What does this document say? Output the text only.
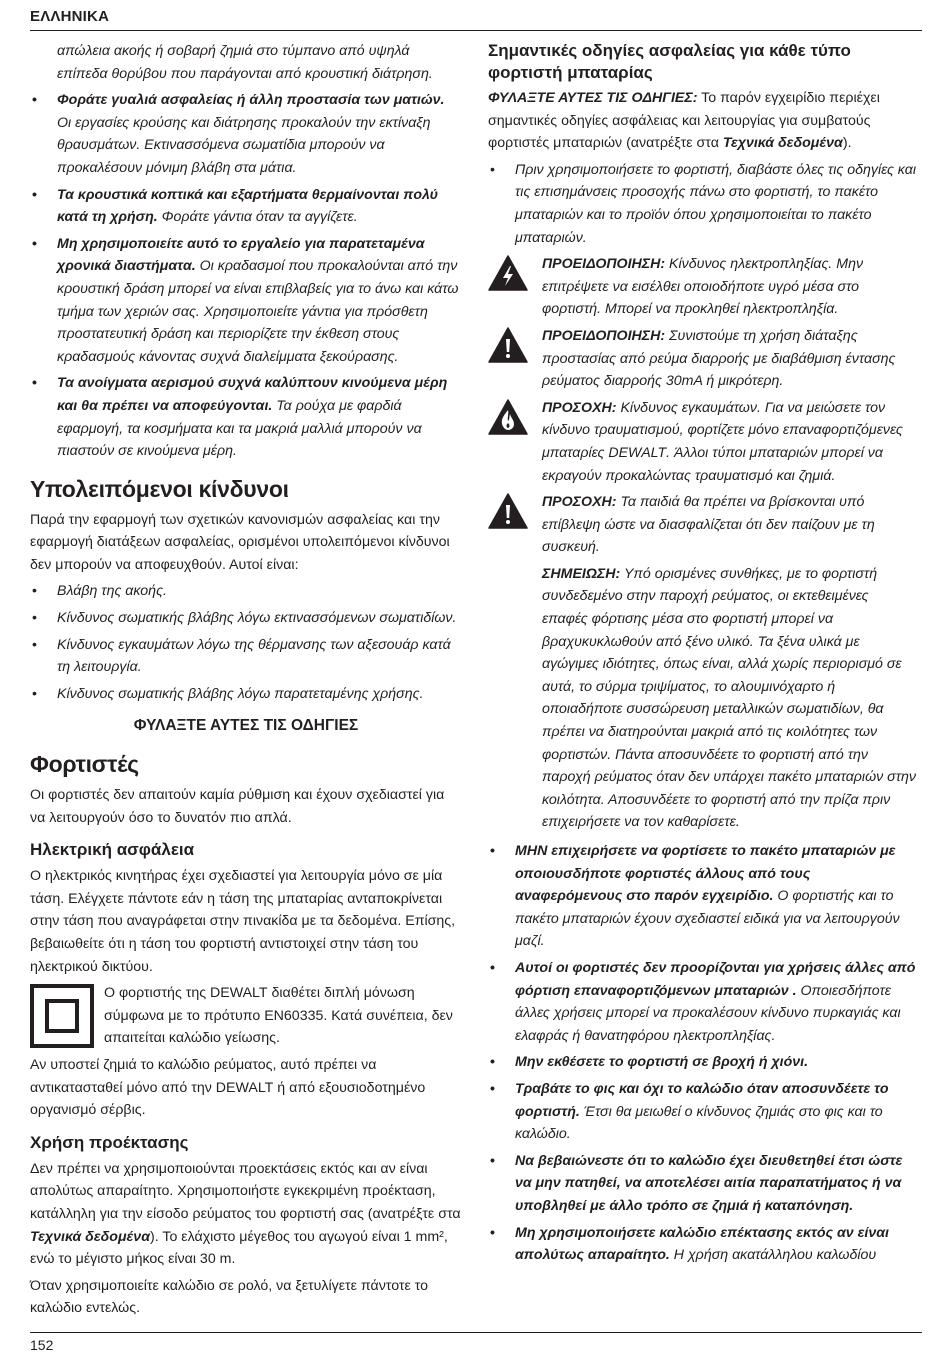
ΕΛΛΗΝΙΚΑ

απώλεια ακοής ή σοβαρή ζημιά στο τύμπανο από υψηλά επίπεδα θορύβου που παράγονται από κρουστική διάτρηση.

• Φοράτε γυαλιά ασφαλείας ή άλλη προστασία των ματιών. Οι εργασίες κρούσης και διάτρησης προκαλούν την εκτίναξη θραυσμάτων. Εκτινασσόμενα σωματίδια μπορούν να προκαλέσουν μόνιμη βλάβη στα μάτια.
• Τα κρουστικά κοπτικά και εξαρτήματα θερμαίνονται πολύ κατά τη χρήση. Φοράτε γάντια όταν τα αγγίζετε.
• Μη χρησιμοποιείτε αυτό το εργαλείο για παρατεταμένα χρονικά διαστήματα. Οι κραδασμοί που προκαλούνται από την κρουστική δράση μπορεί να είναι επιβλαβείς για το άνω και κάτω τμήμα των χεριών σας. Χρησιμοποιείτε γάντια για πρόσθετη προστατευτική δράση και περιορίζετε την έκθεση στους κραδασμούς κάνοντας συχνά διαλείμματα ξεκούρασης.
• Τα ανοίγματα αερισμού συχνά καλύπτουν κινούμενα μέρη και θα πρέπει να αποφεύγονται. Τα ρούχα με φαρδιά εφαρμογή, τα κοσμήματα και τα μακριά μαλλιά μπορούν να πιαστούν σε κινούμενα μέρη.
Υπολειπόμενοι κίνδυνοι

Παρά την εφαρμογή των σχετικών κανονισμών ασφαλείας και την εφαρμογή διατάξεων ασφαλείας, ορισμένοι υπολειπόμενοι κίνδυνοι δεν μπορούν να αποφευχθούν. Αυτοί είναι:

• Βλάβη της ακοής.
• Κίνδυνος σωματικής βλάβης λόγω εκτινασσόμενων σωματιδίων.
• Κίνδυνος εγκαυμάτων λόγω της θέρμανσης των αξεσουάρ κατά τη λειτουργία.
• Κίνδυνος σωματικής βλάβης λόγω παρατεταμένης χρήσης.
ΦΥΛΑΞΤΕ ΑΥΤΕΣ ΤΙΣ ΟΔΗΓΙΕΣ
Φορτιστές

Οι φορτιστές δεν απαιτούν καμία ρύθμιση και έχουν σχεδιαστεί για να λειτουργούν όσο το δυνατόν πιο απλά.

Ηλεκτρική ασφάλεια

Ο ηλεκτρικός κινητήρας έχει σχεδιαστεί για λειτουργία μόνο σε μία τάση. Ελέγχετε πάντοτε εάν η τάση της μπαταρίας ανταποκρίνεται στην τάση που αναγράφεται στην πινακίδα με τα δεδομένα. Επίσης, βεβαιωθείτε ότι η τάση του φορτιστή αντιστοιχεί στην τάση του ηλεκτρικού δικτύου.

Ο φορτιστής της DEWALT διαθέτει διπλή μόνωση σύμφωνα με το πρότυπο EN60335. Κατά συνέπεια, δεν απαιτείται καλώδιο γείωσης.

Αν υποστεί ζημιά το καλώδιο ρεύματος, αυτό πρέπει να αντικατασταθεί μόνο από την DEWALT ή από εξουσιοδοτημένο οργανισμό σέρβις.

Χρήση προέκτασης

Δεν πρέπει να χρησιμοποιούνται προεκτάσεις εκτός και αν είναι απολύτως απαραίτητο. Χρησιμοποιήστε εγκεκριμένη προέκταση, κατάλληλη για την είσοδο ρεύματος του φορτιστή σας (ανατρέξτε στα Τεχνικά δεδομένα). Το ελάχιστο μέγεθος του αγωγού είναι 1 mm², ενώ το μέγιστο μήκος είναι 30 m.

Όταν χρησιμοποιείτε καλώδιο σε ρολό, να ξετυλίγετε πάντοτε το καλώδιο εντελώς.

Σημαντικές οδηγίες ασφαλείας για κάθε τύπο φορτιστή μπαταρίας

ΦΥΛΑΞΤΕ ΑΥΤΕΣ ΤΙΣ ΟΔΗΓΙΕΣ: Το παρόν εγχειρίδιο περιέχει σημαντικές οδηγίες ασφάλειας και λειτουργίας για συμβατούς φορτιστές μπαταριών (ανατρέξτε στα Τεχνικά δεδομένα).

• Πριν χρησιμοποιήσετε το φορτιστή, διαβάστε όλες τις οδηγίες και τις επισημάνσεις προσοχής πάνω στο φορτιστή, το πακέτο μπαταριών και το προϊόν όπου χρησιμοποιείται το πακέτο μπαταριών.
ΠΡΟΕΙΔΟΠΟΙΗΣΗ: Κίνδυνος ηλεκτροπληξίας. Μην επιτρέψετε να εισέλθει οποιοδήποτε υγρό μέσα στο φορτιστή. Μπορεί να προκληθεί ηλεκτροπληξία.
ΠΡΟΕΙΔΟΠΟΙΗΣΗ: Συνιστούμε τη χρήση διάταξης προστασίας από ρεύμα διαρροής με διαβάθμιση έντασης ρεύματος διαρροής 30mA ή μικρότερη.
ΠΡΟΣΟΧΗ: Κίνδυνος εγκαυμάτων. Για να μειώσετε τον κίνδυνο τραυματισμού, φορτίζετε μόνο επαναφορτιζόμενες μπαταρίες DEWALT. Άλλοι τύποι μπαταριών μπορεί να εκραγούν προκαλώντας τραυματισμό και ζημιά.
ΠΡΟΣΟΧΗ: Τα παιδιά θα πρέπει να βρίσκονται υπό επίβλεψη ώστε να διασφαλίζεται ότι δεν παίζουν με τη συσκευή.
ΣΗΜΕΙΩΣΗ: Υπό ορισμένες συνθήκες, με το φορτιστή συνδεδεμένο στην παροχή ρεύματος, οι εκτεθειμένες επαφές φόρτισης μέσα στο φορτιστή μπορεί να βραχυκυκλωθούν από ξένο υλικό. Τα ξένα υλικά με αγώγιμες ιδιότητες, όπως είναι, αλλά χωρίς περιορισμό σε αυτά, το σύρμα τριψίματος, το αλουμινόχαρτο ή οποιαδήποτε συσσώρευση μεταλλικών σωματιδίων, θα πρέπει να διατηρούνται μακριά από τις κοιλότητες των φορτιστών. Πάντα αποσυνδέετε το φορτιστή από την παροχή ρεύματος όταν δεν υπάρχει πακέτο μπαταριών στην κοιλότητα. Αποσυνδέετε το φορτιστή από την πρίζα πριν επιχειρήσετε να τον καθαρίσετε.
• ΜΗΝ επιχειρήσετε να φορτίσετε το πακέτο μπαταριών με οποιουσδήποτε φορτιστές άλλους από τους αναφερόμενους στο παρόν εγχειρίδιο. Ο φορτιστής και το πακέτο μπαταριών έχουν σχεδιαστεί ειδικά για να λειτουργούν μαζί.
• Αυτοί οι φορτιστές δεν προορίζονται για χρήσεις άλλες από φόρτιση επαναφορτιζόμενων μπαταριών . Οποιεσδήποτε άλλες χρήσεις μπορεί να προκαλέσουν κίνδυνο πυρκαγιάς και ελαφράς ή θανατηφόρου ηλεκτροπληξίας.
• Μην εκθέσετε το φορτιστή σε βροχή ή χιόνι.
• Τραβάτε το φις και όχι το καλώδιο όταν αποσυνδέετε το φορτιστή. Έτσι θα μειωθεί ο κίνδυνος ζημιάς στο φις και το καλώδιο.
• Να βεβαιώνεστε ότι το καλώδιο έχει διευθετηθεί έτσι ώστε να μην πατηθεί, να αποτελέσει αιτία παραπατήματος ή να υποβληθεί με άλλο τρόπο σε ζημιά ή καταπόνηση.
• Μη χρησιμοποιήσετε καλώδιο επέκτασης εκτός αν είναι απολύτως απαραίτητο. Η χρήση ακατάλληλου καλωδίου
152
